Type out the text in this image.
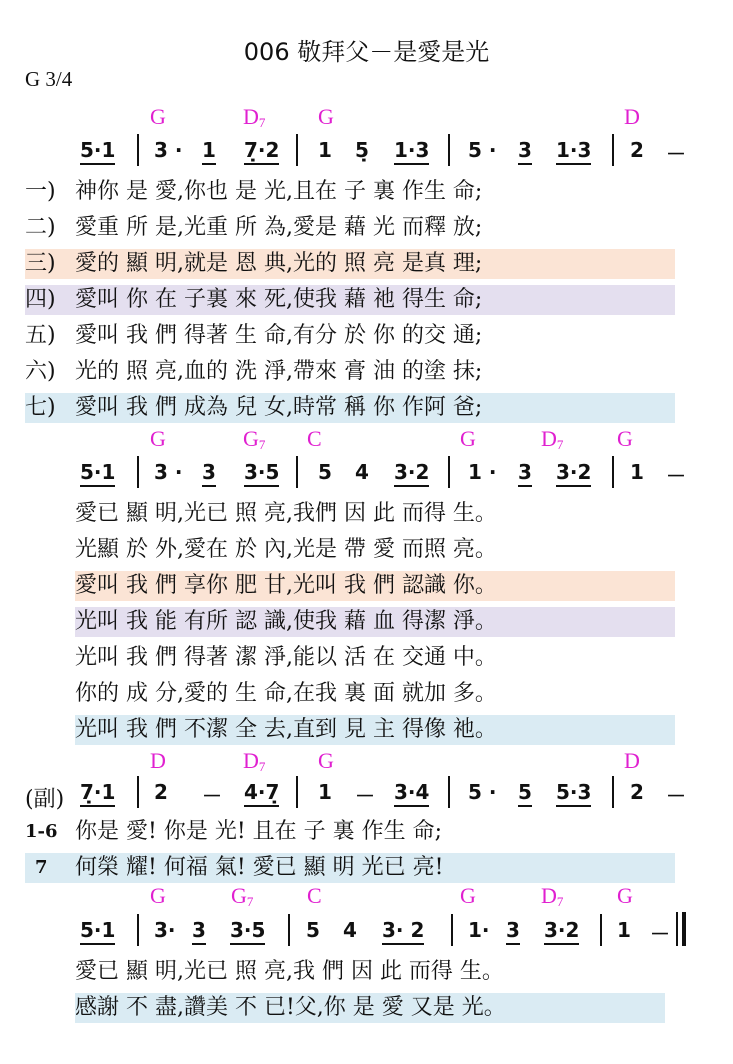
006 敬拜父－是愛是光
G 3/4
G	$D_7$ G	D
5·1 3 · 1 7̣·2 1 5̣ 1·3 5 · 3 1·3 2 －
一) 神你 是 愛,你也 是 光,且在 子 裏 作生 命;
二) 愛重 所 是,光重 所 為,愛是 藉 光 而釋 放;
三) 愛的 顯 明,就是 恩 典,光的 照 亮 是真 理;
四) 愛叫 你 在 子裏 來 死,使我 藉 祂 得生 命;
五) 愛叫 我 們 得著 生 命,有分 於 你 的交 通;
六) 光的 照 亮,血的 洗 淨,帶來 膏 油 的塗 抹;
七) 愛叫 我 們 成為 兒 女,時常 稱 你 作阿 爸;
G	$G_7$ C	G	$D_7$ G
5·1 3 · 3 3·5 5 4 3·2 1 · 3 3·2 1 －
愛已 顯 明,光已 照 亮,我們 因 此 而得 生。
光顯 於 外,愛在 於 內,光是 帶 愛 而照 亮。
愛叫 我 們 享你 肥 甘,光叫 我 們 認識 你。
光叫 我 能 有所 認 識,使我 藉 血 得潔 淨。
光叫 我 們 得著 潔 淨,能以 活 在 交通 中。
你的 成 分,愛的 生 命,在我 裏 面 就加 多。
光叫 我 們 不潔 全 去,直到 見 主 得像 祂。
D	$D_7$ G	D
(副) 7̣·1 2 － 4·7̣ 1 － 3·4 5 · 5 5·3 2 －
1-6 你是 愛! 你是 光! 且在 子 裏 作生 命;
7 何榮 耀! 何福 氣! 愛已 顯 明 光已 亮!
G	$G_7$ C	G	$D_7$ G
5·1 3· 3 3·5 5 4 3· 2 1· 3 3·2 1 －
愛已 顯 明,光已 照 亮,我 們 因 此 而得 生。
感謝 不 盡,讚美 不 已!父,你 是 愛 又是 光。
